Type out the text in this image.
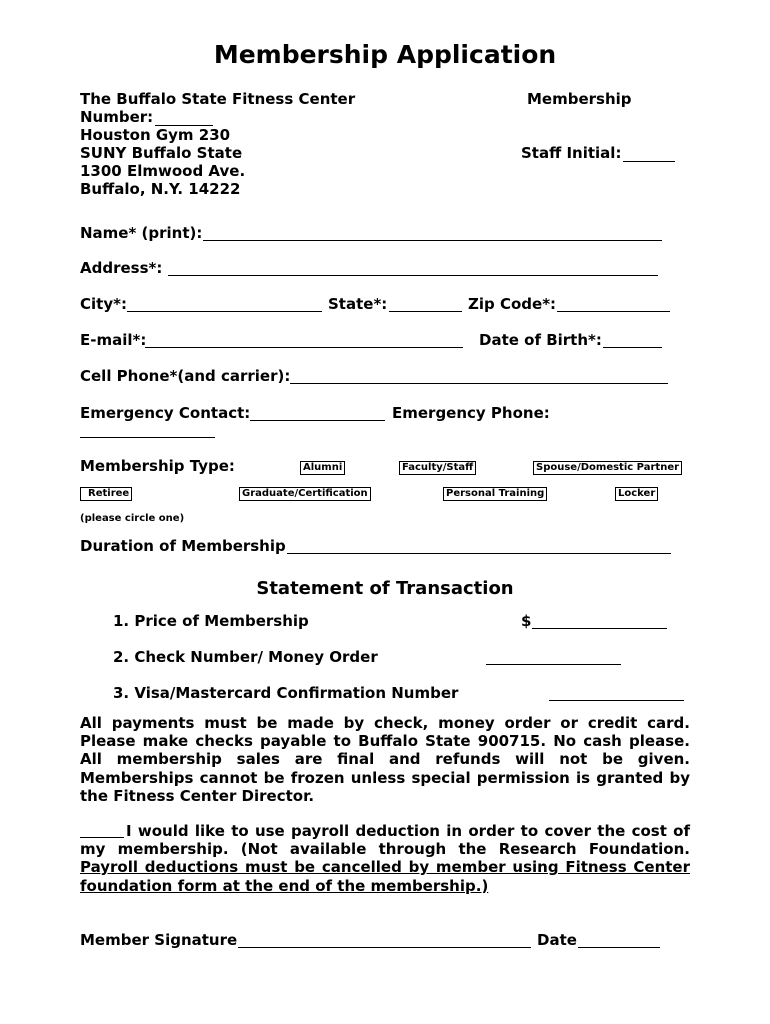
Membership Application
The Buffalo State Fitness Center	Membership
Number:
Houston Gym 230
SUNY Buffalo State	Staff Initial:
1300 Elmwood Ave.
Buffalo, N.Y. 14222
Name* (print):
Address*:
City*:	State*:	Zip Code*:
E-mail*:	Date of Birth*:
Cell Phone*(and carrier):
Emergency Contact:	Emergency Phone:
Membership Type:	Alumni	Faculty/Staff	Spouse/Domestic Partner
Retiree	Graduate/Certification	Personal Training	Locker
(please circle one)
Duration of Membership
Statement of Transaction
1. Price of Membership	$
2. Check Number/ Money Order
3. Visa/Mastercard Confirmation Number
All payments must be made by check, money order or credit card.
Please make checks payable to Buffalo State 900715. No cash please.
All membership sales are final and refunds will not be given.
Memberships cannot be frozen unless special permission is granted by
the Fitness Center Director.
I would like to use payroll deduction in order to cover the cost of
my membership. (Not available through the Research Foundation.
Payroll deductions must be cancelled by member using Fitness Center
foundation form at the end of the membership.)
Member Signature	Date
